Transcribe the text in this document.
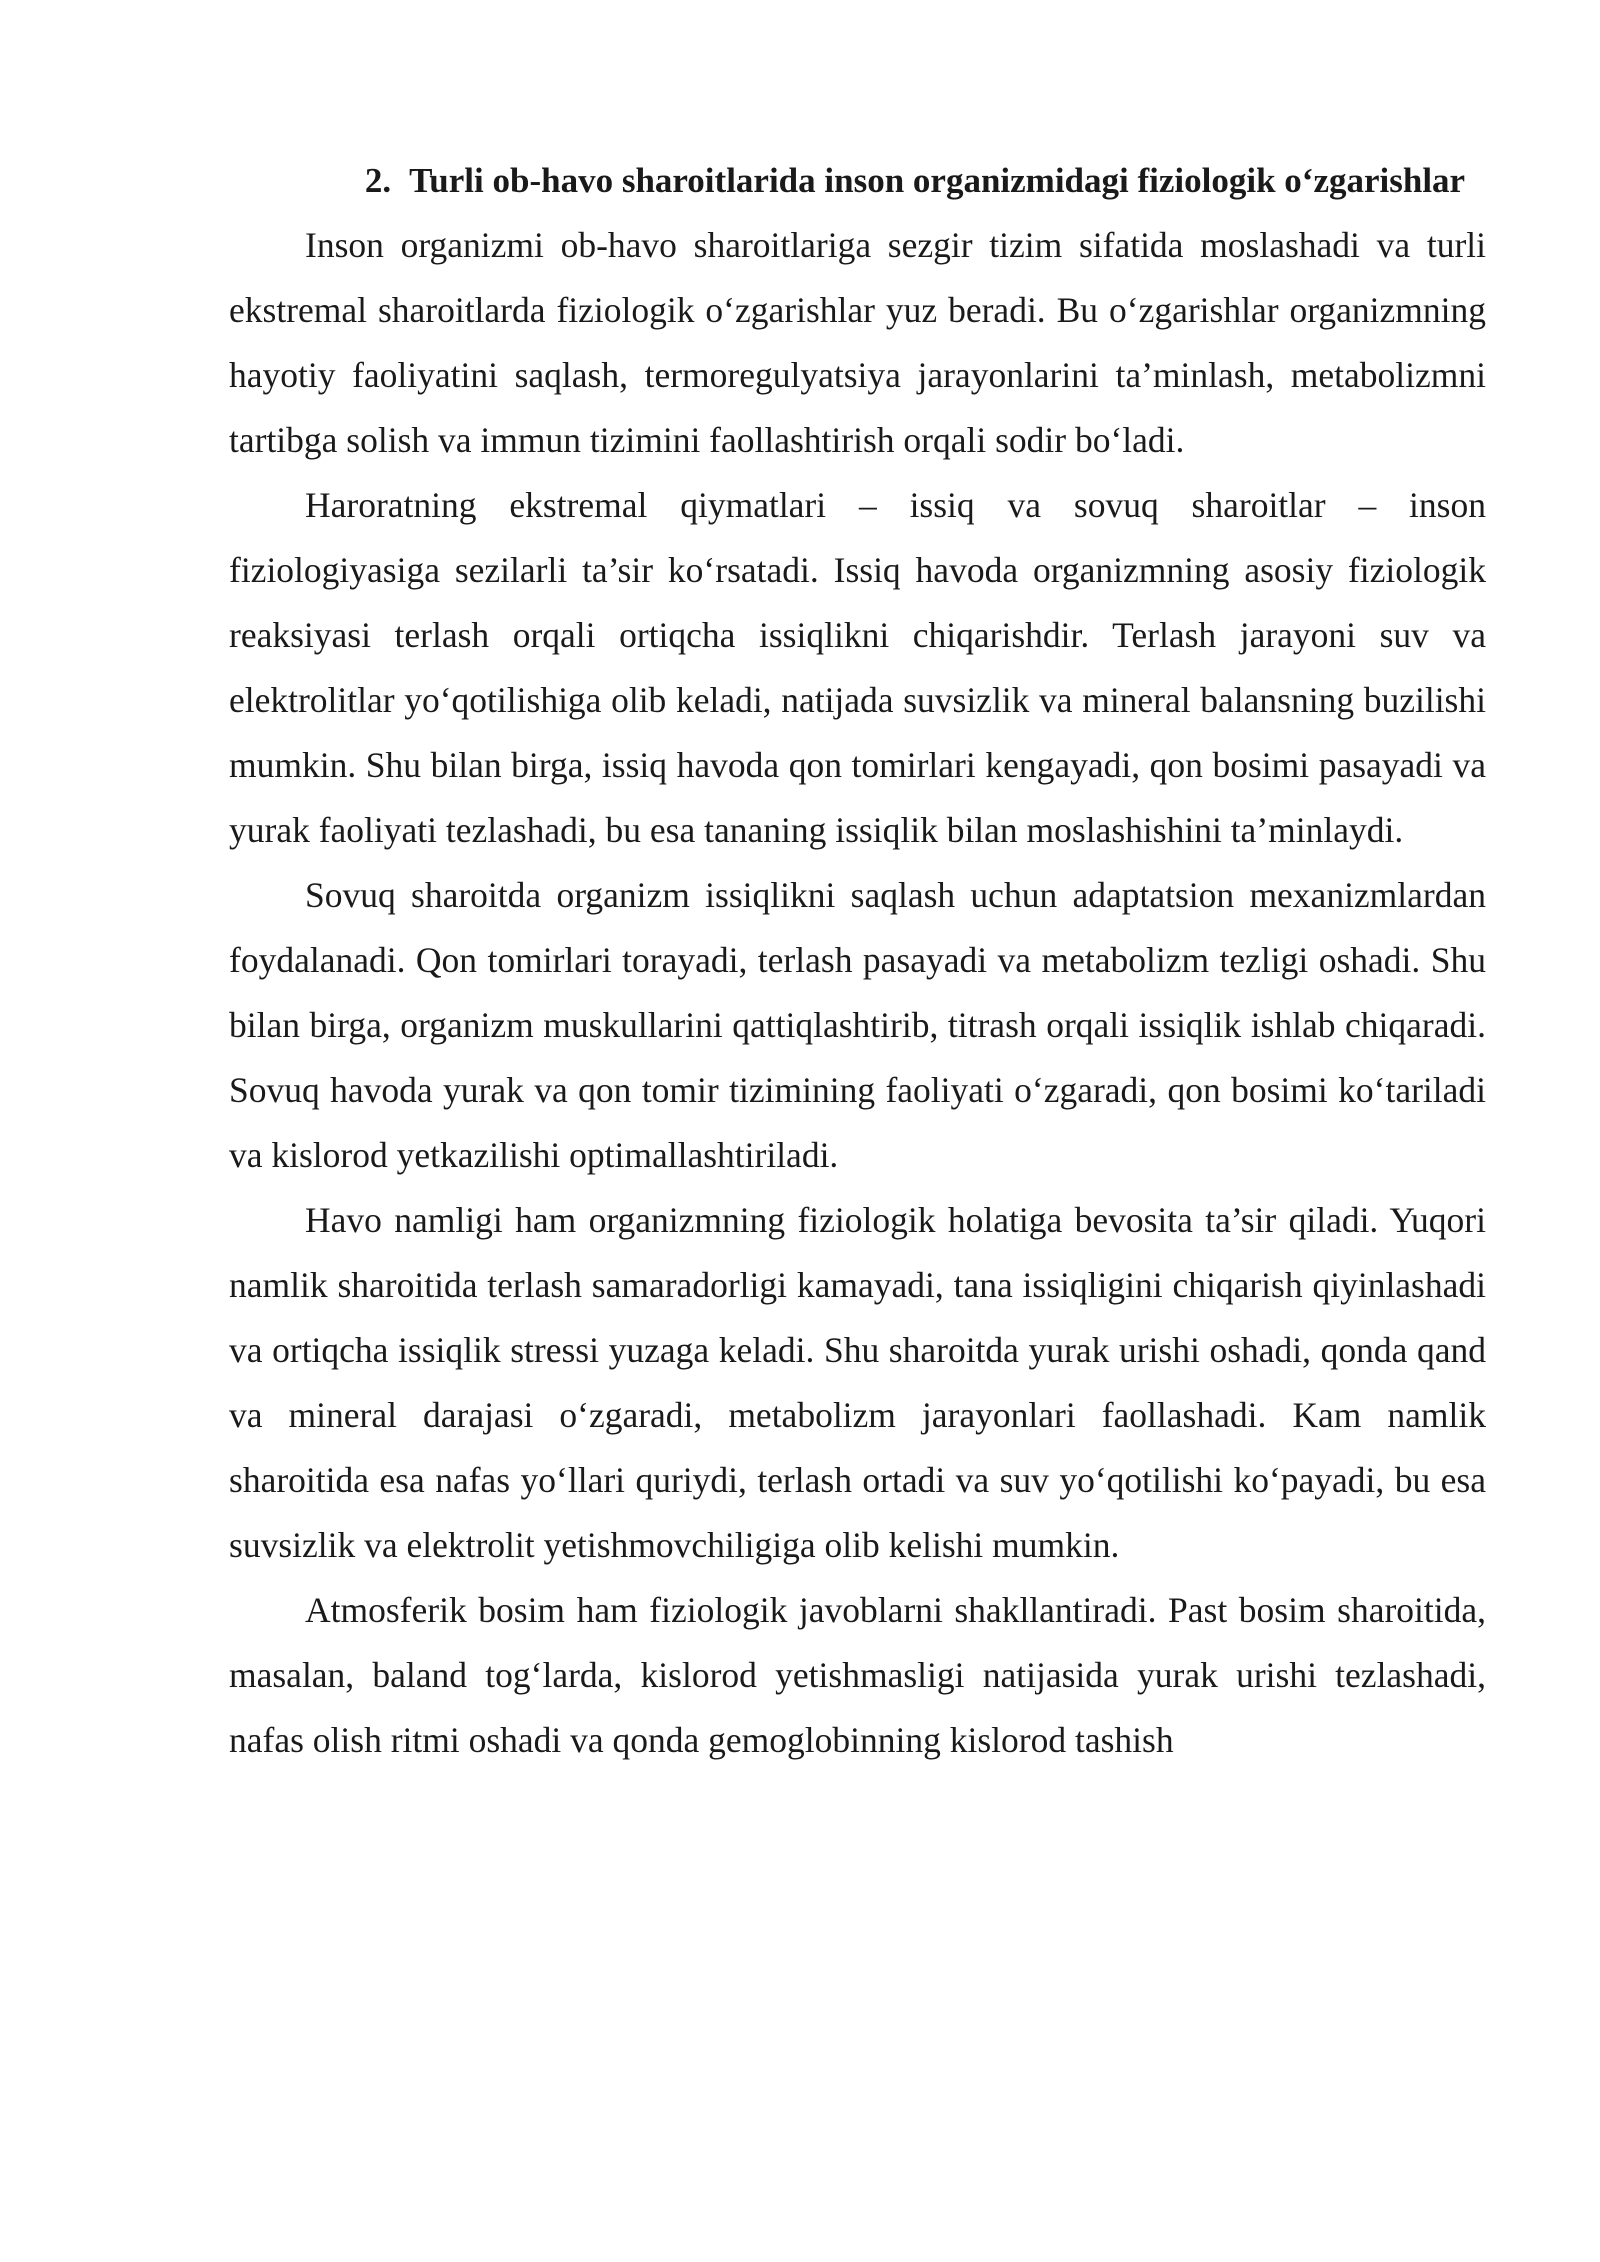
2. Turli ob-havo sharoitlarida inson organizmidagi fiziologik o‘zgarishlar

Inson organizmi ob-havo sharoitlariga sezgir tizim sifatida moslashadi va turli ekstremal sharoitlarda fiziologik o‘zgarishlar yuz beradi. Bu o‘zgarishlar organizmning hayotiy faoliyatini saqlash, termoregulyatsiya jarayonlarini ta’minlash, metabolizmni tartibga solish va immun tizimini faollashtirish orqali sodir bo‘ladi.

Haroratning ekstremal qiymatlari – issiq va sovuq sharoitlar – inson fiziologiyasiga sezilarli ta’sir ko‘rsatadi. Issiq havoda organizmning asosiy fiziologik reaksiyasi terlash orqali ortiqcha issiqlikni chiqarishdir. Terlash jarayoni suv va elektrolitlar yo‘qotilishiga olib keladi, natijada suvsizlik va mineral balansning buzilishi mumkin. Shu bilan birga, issiq havoda qon tomirlari kengayadi, qon bosimi pasayadi va yurak faoliyati tezlashadi, bu esa tananing issiqlik bilan moslashishini ta’minlaydi.

Sovuq sharoitda organizm issiqlikni saqlash uchun adaptatsion mexanizmlardan foydalanadi. Qon tomirlari torayadi, terlash pasayadi va metabolizm tezligi oshadi. Shu bilan birga, organizm muskullarini qattiqlashtirib, titrash orqali issiqlik ishlab chiqaradi. Sovuq havoda yurak va qon tomir tizimining faoliyati o‘zgaradi, qon bosimi ko‘tariladi va kislorod yetkazilishi optimallashtiriladi.

Havo namligi ham organizmning fiziologik holatiga bevosita ta’sir qiladi. Yuqori namlik sharoitida terlash samaradorligi kamayadi, tana issiqligini chiqarish qiyinlashadi va ortiqcha issiqlik stressi yuzaga keladi. Shu sharoitda yurak urishi oshadi, qonda qand va mineral darajasi o‘zgaradi, metabolizm jarayonlari faollashadi. Kam namlik sharoitida esa nafas yo‘llari quriydi, terlash ortadi va suv yo‘qotilishi ko‘payadi, bu esa suvsizlik va elektrolit yetishmovchiligiga olib kelishi mumkin.

Atmosferik bosim ham fiziologik javoblarni shakllantiradi. Past bosim sharoitida, masalan, baland tog‘larda, kislorod yetishmasligi natijasida yurak urishi tezlashadi, nafas olish ritmi oshadi va qonda gemoglobinning kislorod tashish
